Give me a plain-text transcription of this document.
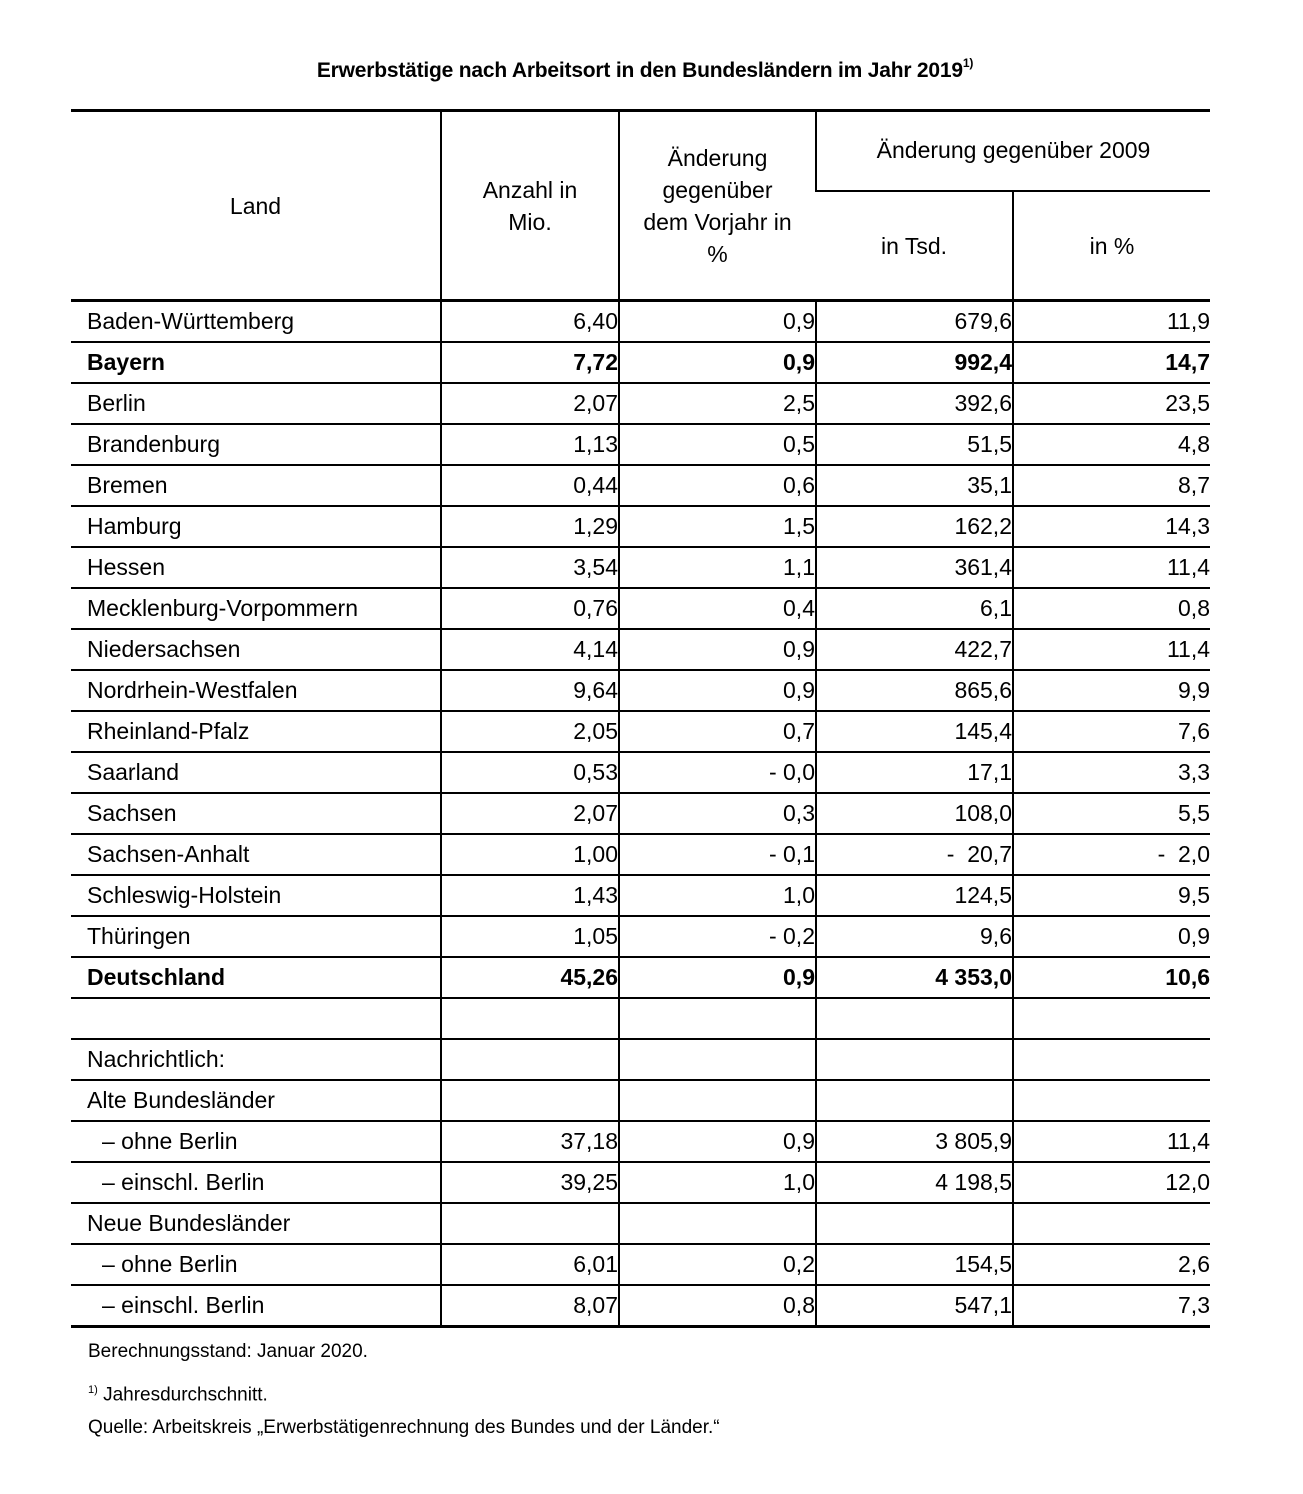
Erwerbstätige nach Arbeitsort in den Bundesländern im Jahr 2019$^{1)}$
Land	Anzahl in Mio.	Änderung gegenüber dem Vorjahr in %	Änderung gegenüber 2009	
			in Tsd.	in %
Baden-Württemberg	6,40	0,9	679,6	11,9
Bayern	7,72	0,9	992,4	14,7
Berlin	2,07	2,5	392,6	23,5
Brandenburg	1,13	0,5	51,5	4,8
Bremen	0,44	0,6	35,1	8,7
Hamburg	1,29	1,5	162,2	14,3
Hessen	3,54	1,1	361,4	11,4
Mecklenburg-Vorpommern	0,76	0,4	6,1	0,8
Niedersachsen	4,14	0,9	422,7	11,4
Nordrhein-Westfalen	9,64	0,9	865,6	9,9
Rheinland-Pfalz	2,05	0,7	145,4	7,6
Saarland	0,53	- 0,0	17,1	3,3
Sachsen	2,07	0,3	108,0	5,5
Sachsen-Anhalt	1,00	- 0,1	-  20,7	-  2,0
Schleswig-Holstein	1,43	1,0	124,5	9,5
Thüringen	1,05	- 0,2	9,6	0,9
Deutschland	45,26	0,9	4 353,0	10,6

Nachrichtlich:				
Alte Bundesländer				
– ohne Berlin	37,18	0,9	3 805,9	11,4
– einschl. Berlin	39,25	1,0	4 198,5	12,0
Neue Bundesländer				
– ohne Berlin	6,01	0,2	154,5	2,6
– einschl. Berlin	8,07	0,8	547,1	7,3
Berechnungsstand: Januar 2020.
$^{1)}$ Jahresdurchschnitt.
Quelle: Arbeitskreis „Erwerbstätigenrechnung des Bundes und der Länder.“
